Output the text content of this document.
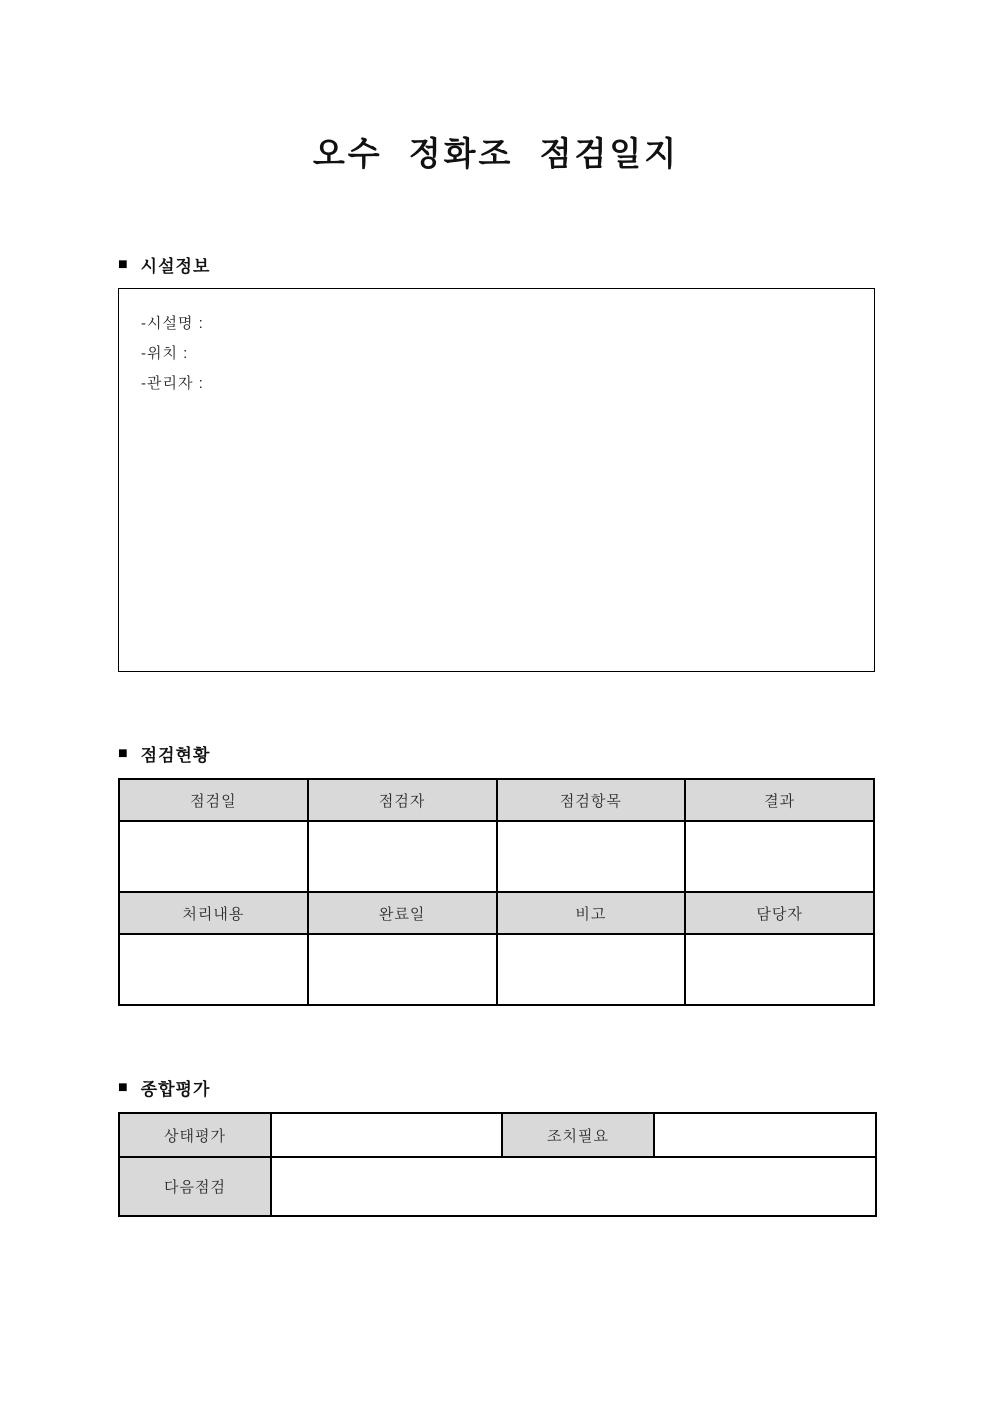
오수 정화조 점검일지
■ 시설정보
-시설명 :
-위치 :
-관리자 :
■ 점검현황
점검일	점검자	점검항목	결과

처리내용	완료일	비고	담당자

■ 종합평가
상태평가		조치필요	
다음점검			
